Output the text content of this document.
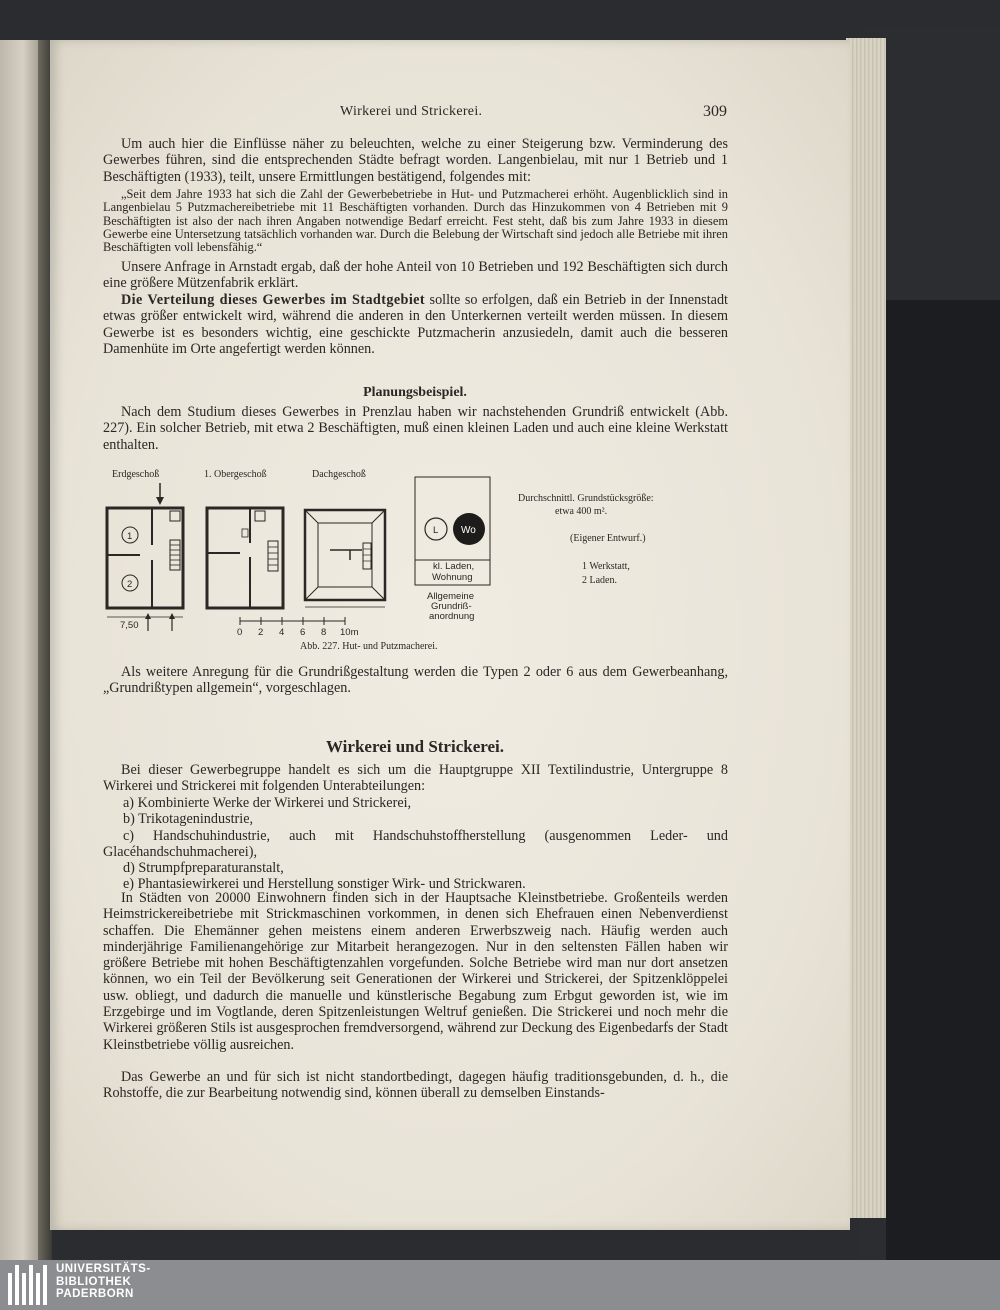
Wirkerei und Strickerei.	309

Um auch hier die Einflüsse näher zu beleuchten, welche zu einer Steigerung bzw. Verminderung des Gewerbes führen, sind die entsprechenden Städte befragt worden. Langenbielau, mit nur 1 Betrieb und 1 Beschäftigten (1933), teilt, unsere Ermittlungen bestätigend, folgendes mit:

„Seit dem Jahre 1933 hat sich die Zahl der Gewerbebetriebe in Hut- und Putzmacherei erhöht. Augenblicklich sind in Langenbielau 5 Putzmachereibetriebe mit 11 Beschäftigten vorhanden. Durch das Hinzukommen von 4 Betrieben mit 9 Beschäftigten ist also der nach ihren Angaben notwendige Bedarf erreicht. Fest steht, daß bis zum Jahre 1933 in diesem Gewerbe eine Untersetzung tatsächlich vorhanden war. Durch die Belebung der Wirtschaft sind jedoch alle Betriebe mit ihren Beschäftigten voll lebensfähig.“

Unsere Anfrage in Arnstadt ergab, daß der hohe Anteil von 10 Betrieben und 192 Beschäftigten sich durch eine größere Mützenfabrik erklärt.

Die Verteilung dieses Gewerbes im Stadtgebiet sollte so erfolgen, daß ein Betrieb in der Innenstadt etwas größer entwickelt wird, während die anderen in den Unterkernen verteilt werden müssen. In diesem Gewerbe ist es besonders wichtig, eine geschickte Putzmacherin anzusiedeln, damit auch die besseren Damenhüte im Orte angefertigt werden können.

Planungsbeispiel.

Nach dem Studium dieses Gewerbes in Prenzlau haben wir nachstehenden Grundriß entwickelt (Abb. 227). Ein solcher Betrieb, mit etwa 2 Beschäftigten, muß einen kleinen Laden und auch eine kleine Werkstatt enthalten.

Erdgeschoß	1. Obergeschoß	Dachgeschoß
1
2
7,50
0 2 4 6 8 10m
L Wo
kl. Laden,
Wohnung
Allgemeine
Grundriß-
anordnung
Durchschnittl. Grundstücksgröße:
etwa 400 m².
(Eigener Entwurf.)
1 Werkstatt,
2 Laden.
Abb. 227. Hut- und Putzmacherei.

Als weitere Anregung für die Grundrißgestaltung werden die Typen 2 oder 6 aus dem Gewerbeanhang, „Grundrißtypen allgemein“, vorgeschlagen.

Wirkerei und Strickerei.

Bei dieser Gewerbegruppe handelt es sich um die Hauptgruppe XII Textilindustrie, Untergruppe 8 Wirkerei und Strickerei mit folgenden Unterabteilungen:

a) Kombinierte Werke der Wirkerei und Strickerei,
b) Trikotagenindustrie,
c) Handschuhindustrie, auch mit Handschuhstoffherstellung (ausgenommen Leder- und Glacéhandschuhmacherei),
d) Strumpfpreparaturanstalt,
e) Phantasiewirkerei und Herstellung sonstiger Wirk- und Strickwaren.

In Städten von 20000 Einwohnern finden sich in der Hauptsache Kleinstbetriebe. Großenteils werden Heimstrickereibetriebe mit Strickmaschinen vorkommen, in denen sich Ehefrauen einen Nebenverdienst schaffen. Die Ehemänner gehen meistens einem anderen Erwerbszweig nach. Häufig werden auch minderjährige Familienangehörige zur Mitarbeit herangezogen. Nur in den seltensten Fällen haben wir größere Betriebe mit hohen Beschäftigtenzahlen vorgefunden. Solche Betriebe wird man nur dort ansetzen können, wo ein Teil der Bevölkerung seit Generationen der Wirkerei und Strickerei, der Spitzenklöppelei usw. obliegt, und dadurch die manuelle und künstlerische Begabung zum Erbgut geworden ist, wie im Erzgebirge und im Vogtlande, deren Spitzenleistungen Weltruf genießen. Die Strickerei und noch mehr die Wirkerei größeren Stils ist ausgesprochen fremdversorgend, während zur Deckung des Eigenbedarfs der Stadt Kleinstbetriebe völlig ausreichen.

Das Gewerbe an und für sich ist nicht standortbedingt, dagegen häufig traditionsgebunden, d. h., die Rohstoffe, die zur Bearbeitung notwendig sind, können überall zu demselben Einstands-

UNIVERSITÄTS-
BIBLIOTHEK
PADERBORN
